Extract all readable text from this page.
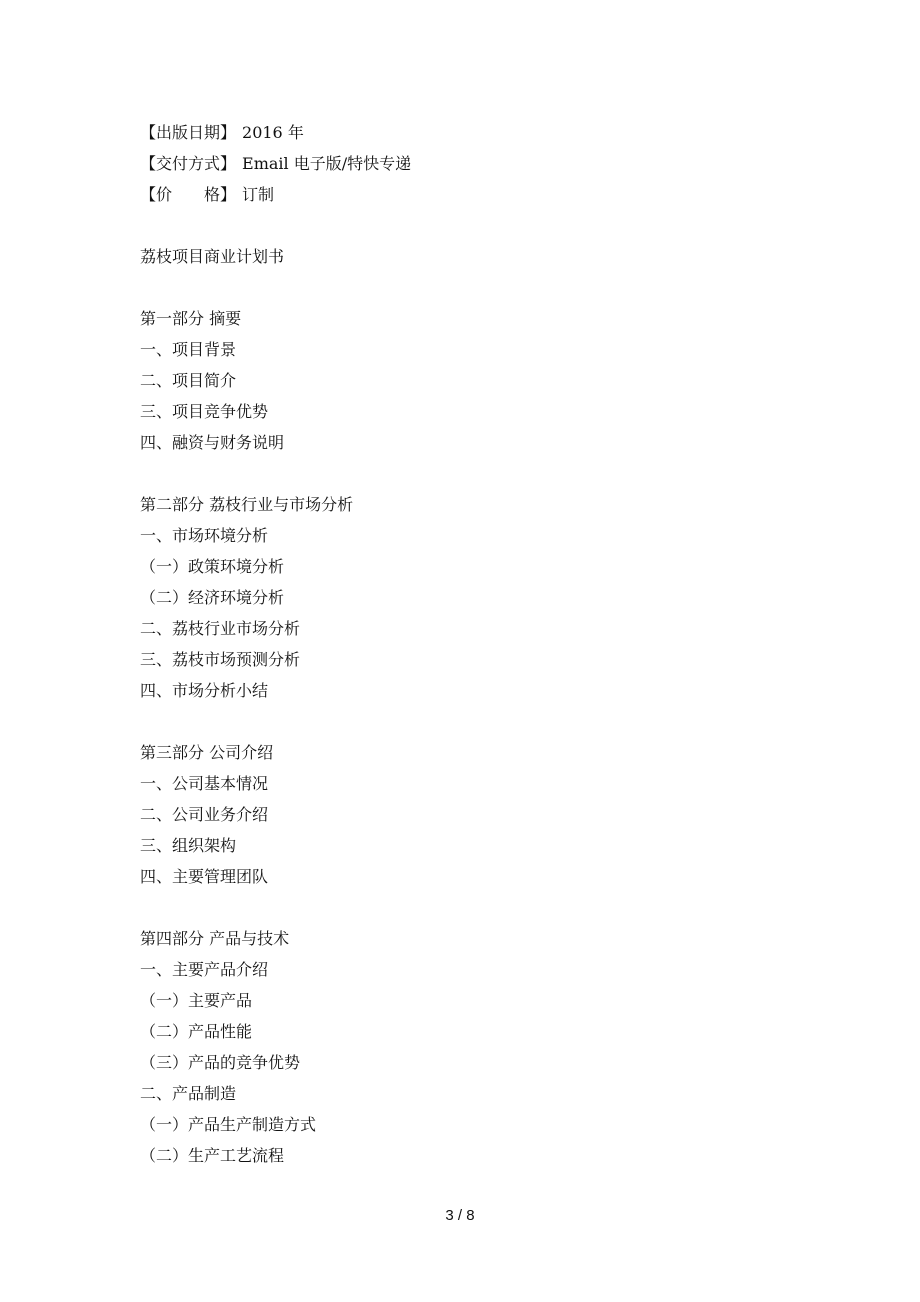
【出版日期】 2016 年
【交付方式】 Email 电子版/特快专递
【价　　格】 订制
荔枝项目商业计划书
第一部分 摘要
一、项目背景
二、项目简介
三、项目竞争优势
四、融资与财务说明
第二部分 荔枝行业与市场分析
一、市场环境分析
（一）政策环境分析
（二）经济环境分析
二、荔枝行业市场分析
三、荔枝市场预测分析
四、市场分析小结
第三部分 公司介绍
一、公司基本情况
二、公司业务介绍
三、组织架构
四、主要管理团队
第四部分 产品与技术
一、主要产品介绍
（一）主要产品
（二）产品性能
（三）产品的竞争优势
二、产品制造
（一）产品生产制造方式
（二）生产工艺流程
3 / 8
